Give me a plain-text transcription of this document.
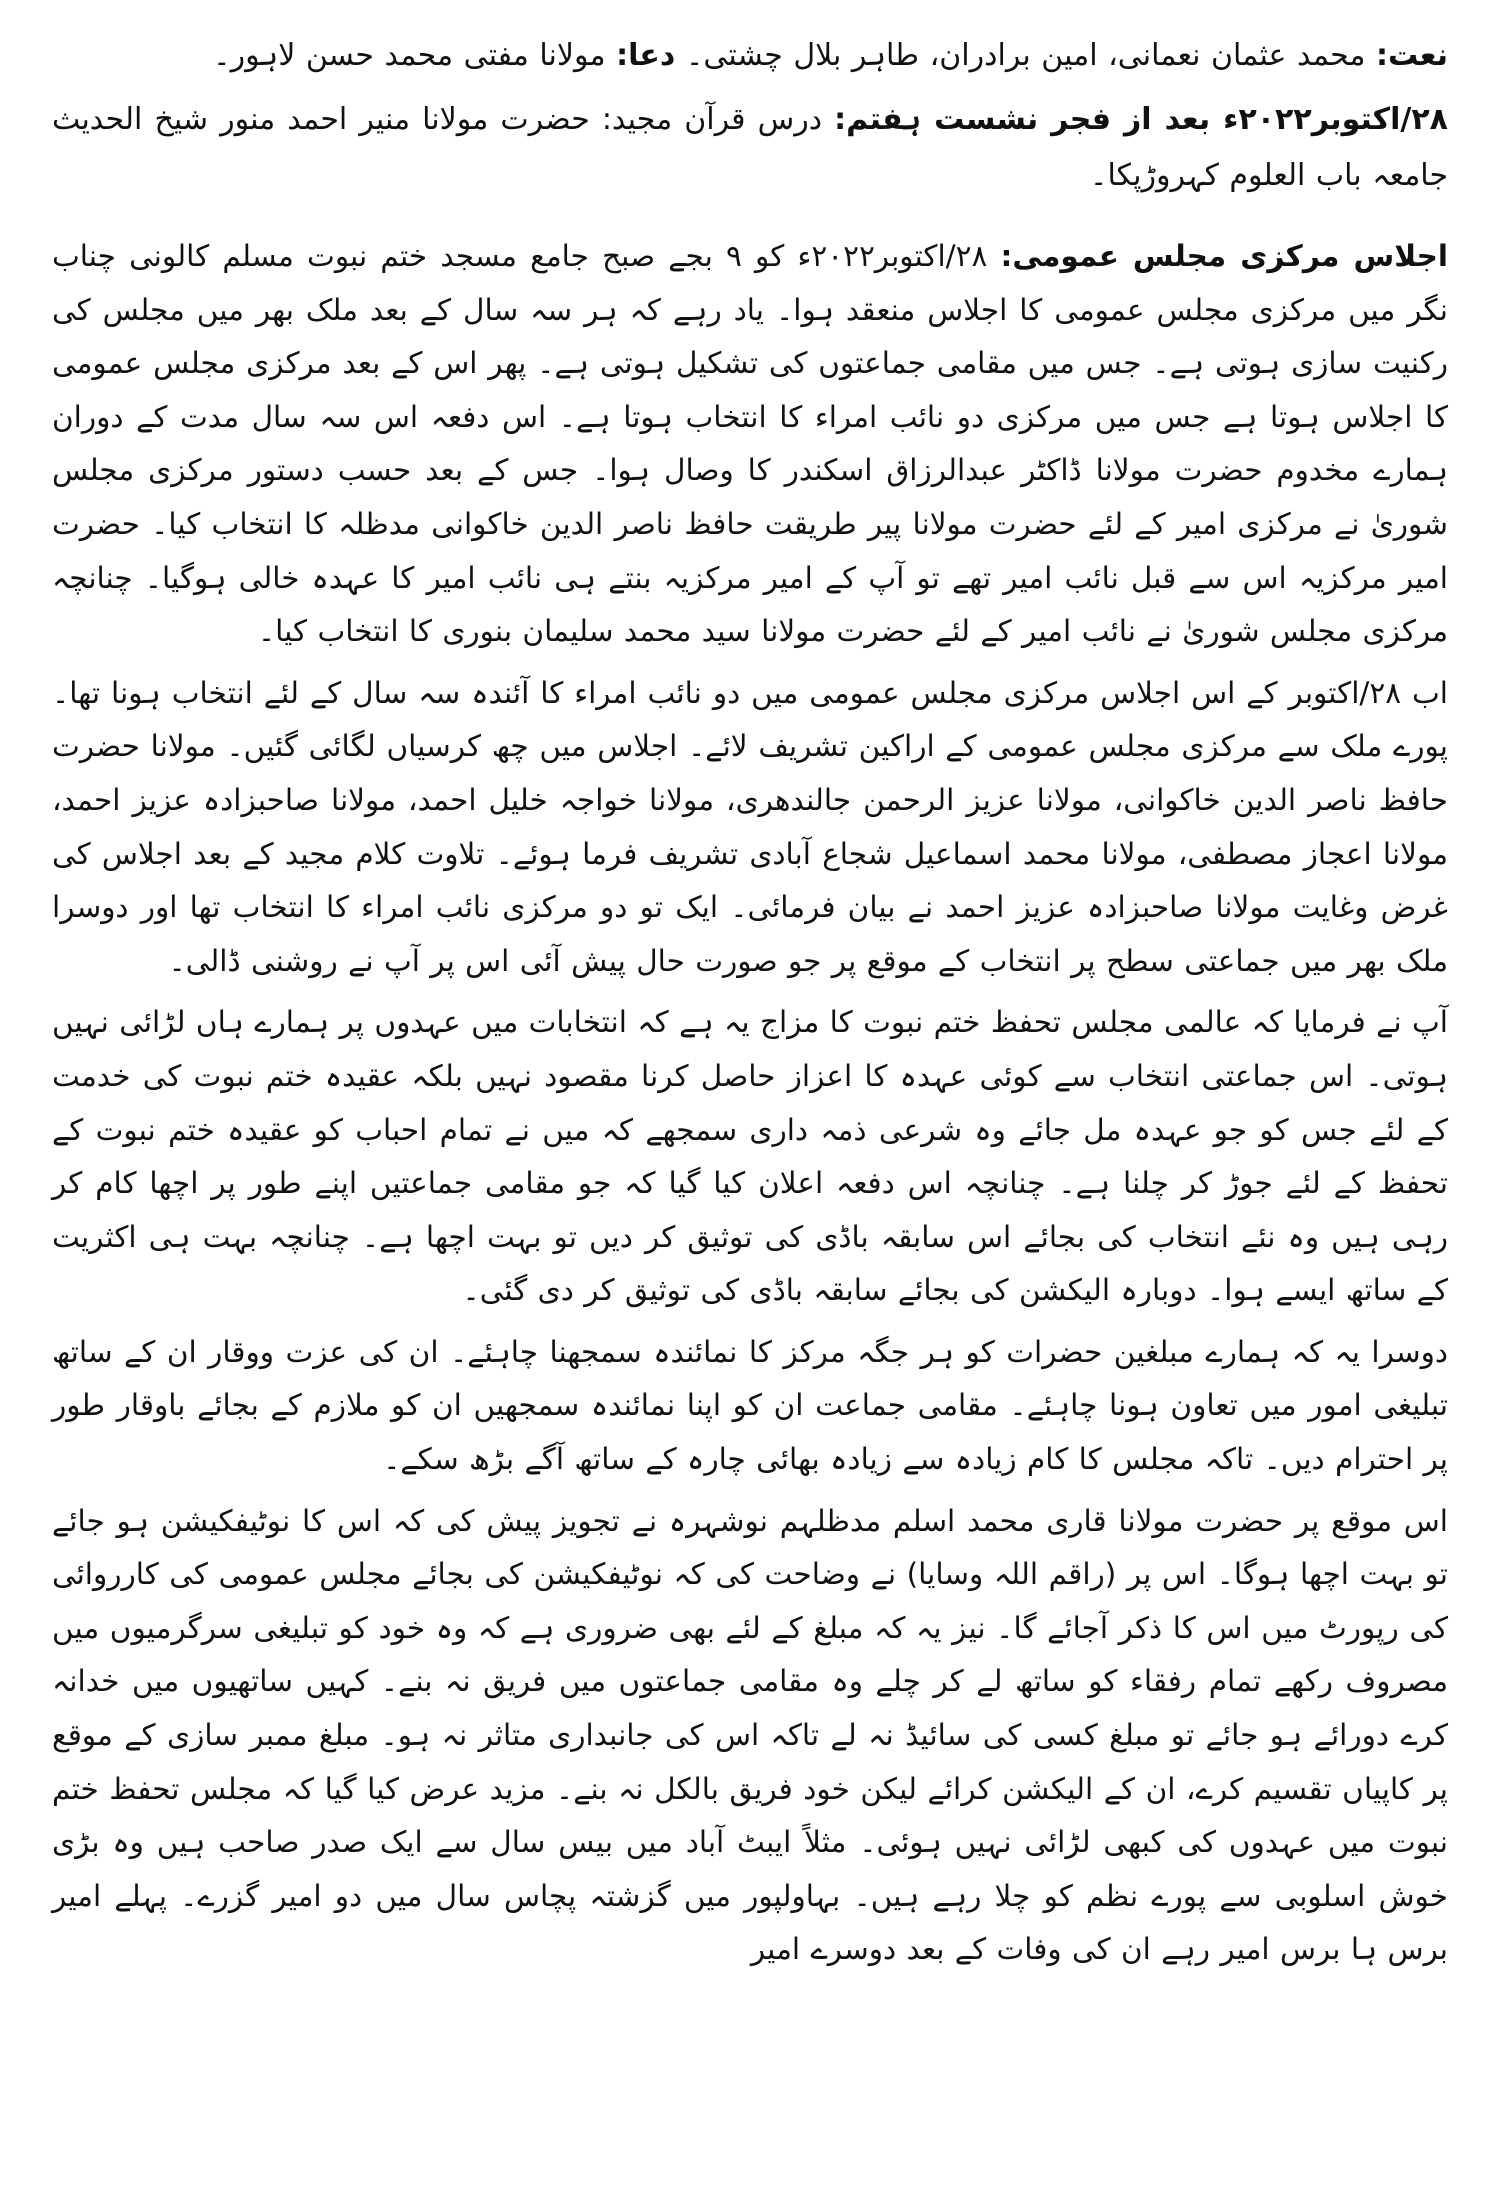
نعت: محمد عثمان نعمانی، امین برادران، طاہر بلال چشتی۔ دعا: مولانا مفتی محمد حسن لاہور۔

۲۸/اکتوبر۲۰۲۲ء بعد از فجر نشست ہفتم: درس قرآن مجید: حضرت مولانا منیر احمد منور شیخ الحدیث جامعہ باب العلوم کہروڑپکا۔

اجلاس مرکزی مجلس عمومی: ۲۸/اکتوبر۲۰۲۲ء کو ۹ بجے صبح جامع مسجد ختم نبوت مسلم کالونی چناب نگر میں مرکزی مجلس عمومی کا اجلاس منعقد ہوا۔ یاد رہے کہ ہر سہ سال کے بعد ملک بھر میں مجلس کی رکنیت سازی ہوتی ہے۔ جس میں مقامی جماعتوں کی تشکیل ہوتی ہے۔ پھر اس کے بعد مرکزی مجلس عمومی کا اجلاس ہوتا ہے جس میں مرکزی دو نائب امراء کا انتخاب ہوتا ہے۔ اس دفعہ اس سہ سال مدت کے دوران ہمارے مخدوم حضرت مولانا ڈاکٹر عبدالرزاق اسکندر کا وصال ہوا۔ جس کے بعد حسب دستور مرکزی مجلس شوریٰ نے مرکزی امیر کے لئے حضرت مولانا پیر طریقت حافظ ناصر الدین خاکوانی مدظلہ کا انتخاب کیا۔ حضرت امیر مرکزیہ اس سے قبل نائب امیر تھے تو آپ کے امیر مرکزیہ بنتے ہی نائب امیر کا عہدہ خالی ہوگیا۔ چنانچہ مرکزی مجلس شوریٰ نے نائب امیر کے لئے حضرت مولانا سید محمد سلیمان بنوری کا انتخاب کیا۔

اب ۲۸/اکتوبر کے اس اجلاس مرکزی مجلس عمومی میں دو نائب امراء کا آئندہ سہ سال کے لئے انتخاب ہونا تھا۔ پورے ملک سے مرکزی مجلس عمومی کے اراکین تشریف لائے۔ اجلاس میں چھ کرسیاں لگائی گئیں۔ مولانا حضرت حافظ ناصر الدین خاکوانی، مولانا عزیز الرحمن جالندھری، مولانا خواجہ خلیل احمد، مولانا صاحبزادہ عزیز احمد، مولانا اعجاز مصطفی، مولانا محمد اسماعیل شجاع آبادی تشریف فرما ہوئے۔ تلاوت کلام مجید کے بعد اجلاس کی غرض وغایت مولانا صاحبزادہ عزیز احمد نے بیان فرمائی۔ ایک تو دو مرکزی نائب امراء کا انتخاب تھا اور دوسرا ملک بھر میں جماعتی سطح پر انتخاب کے موقع پر جو صورت حال پیش آئی اس پر آپ نے روشنی ڈالی۔

آپ نے فرمایا کہ عالمی مجلس تحفظ ختم نبوت کا مزاج یہ ہے کہ انتخابات میں عہدوں پر ہمارے ہاں لڑائی نہیں ہوتی۔ اس جماعتی انتخاب سے کوئی عہدہ کا اعزاز حاصل کرنا مقصود نہیں بلکہ عقیدہ ختم نبوت کی خدمت کے لئے جس کو جو عہدہ مل جائے وہ شرعی ذمہ داری سمجھے کہ میں نے تمام احباب کو عقیدہ ختم نبوت کے تحفظ کے لئے جوڑ کر چلنا ہے۔ چنانچہ اس دفعہ اعلان کیا گیا کہ جو مقامی جماعتیں اپنے طور پر اچھا کام کر رہی ہیں وہ نئے انتخاب کی بجائے اس سابقہ باڈی کی توثیق کر دیں تو بہت اچھا ہے۔ چنانچہ بہت ہی اکثریت کے ساتھ ایسے ہوا۔ دوبارہ الیکشن کی بجائے سابقہ باڈی کی توثیق کر دی گئی۔

دوسرا یہ کہ ہمارے مبلغین حضرات کو ہر جگہ مرکز کا نمائندہ سمجھنا چاہئے۔ ان کی عزت ووقار ان کے ساتھ تبلیغی امور میں تعاون ہونا چاہئے۔ مقامی جماعت ان کو اپنا نمائندہ سمجھیں ان کو ملازم کے بجائے باوقار طور پر احترام دیں۔ تاکہ مجلس کا کام زیادہ سے زیادہ بھائی چارہ کے ساتھ آگے بڑھ سکے۔

اس موقع پر حضرت مولانا قاری محمد اسلم مدظلہم نوشہرہ نے تجویز پیش کی کہ اس کا نوٹیفکیشن ہو جائے تو بہت اچھا ہوگا۔ اس پر (راقم اللہ وسایا) نے وضاحت کی کہ نوٹیفکیشن کی بجائے مجلس عمومی کی کارروائی کی رپورٹ میں اس کا ذکر آجائے گا۔ نیز یہ کہ مبلغ کے لئے بھی ضروری ہے کہ وہ خود کو تبلیغی سرگرمیوں میں مصروف رکھے تمام رفقاء کو ساتھ لے کر چلے وہ مقامی جماعتوں میں فریق نہ بنے۔ کہیں ساتھیوں میں خدانہ کرے دورائے ہو جائے تو مبلغ کسی کی سائیڈ نہ لے تاکہ اس کی جانبداری متاثر نہ ہو۔ مبلغ ممبر سازی کے موقع پر کاپیاں تقسیم کرے، ان کے الیکشن کرائے لیکن خود فریق بالکل نہ بنے۔ مزید عرض کیا گیا کہ مجلس تحفظ ختم نبوت میں عہدوں کی کبھی لڑائی نہیں ہوئی۔ مثلاً ایبٹ آباد میں بیس سال سے ایک صدر صاحب ہیں وہ بڑی خوش اسلوبی سے پورے نظم کو چلا رہے ہیں۔ بہاولپور میں گزشتہ پچاس سال میں دو امیر گزرے۔ پہلے امیر برس ہا برس امیر رہے ان کی وفات کے بعد دوسرے امیر
